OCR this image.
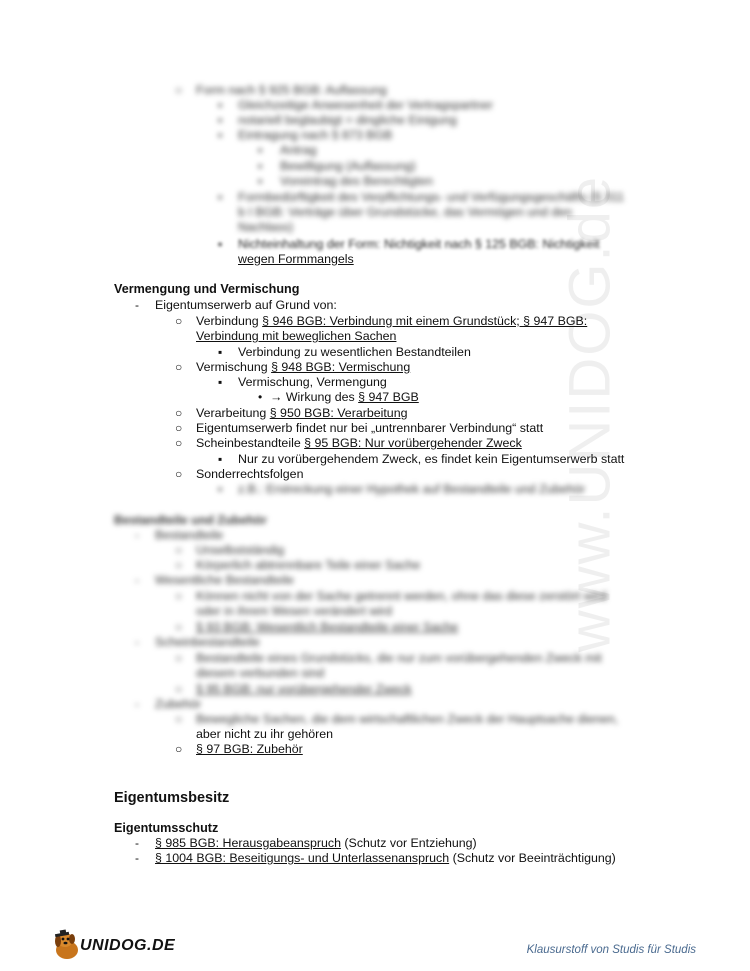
www.UNIDOG.de
○ Form nach § 925 BGB: Auflassung
▪ Gleichzeitige Anwesenheit der Vertragspartner
▪ notariell beglaubigt = dingliche Einigung
▪ Eintragung nach § 873 BGB
▪ Antrag
▪ Bewilligung (Auflassung)
▪ Voreintrag des Berechtigten
▪ Formbedürftigkeit des Verpflichtungs- und Verfügungsgeschäfts (§ 311
b I BGB: Verträge über Grundstücke, das Vermögen und den
Nachlass)
▪ Nichteinhaltung der Form: Nichtigkeit nach § 125 BGB: Nichtigkeit
wegen Formmangels
Vermengung und Vermischung
- Eigentumserwerb auf Grund von:
○ Verbindung § 946 BGB: Verbindung mit einem Grundstück; § 947 BGB:
Verbindung mit beweglichen Sachen
▪ Verbindung zu wesentlichen Bestandteilen
○ Vermischung § 948 BGB: Vermischung
▪ Vermischung, Vermengung
• → Wirkung des § 947 BGB
○ Verarbeitung § 950 BGB: Verarbeitung
○ Eigentumserwerb findet nur bei „untrennbarer Verbindung“ statt
○ Scheinbestandteile § 95 BGB: Nur vorübergehender Zweck
▪ Nur zu vorübergehendem Zweck, es findet kein Eigentumserwerb statt
○ Sonderrechtsfolgen
▪ z.B.: Erstreckung einer Hypothek auf Bestandteile und Zubehör
Bestandteile und Zubehör
- Bestandteile
○ Unselbstständig
○ Körperlich abtrennbare Teile einer Sache
- Wesentliche Bestandteile
○ Können nicht von der Sache getrennt werden, ohne das diese zerstört wird
oder in ihrem Wesen verändert wird
○ § 93 BGB: Wesentlich Bestandteile einer Sache
- Scheinbestandteile
○ Bestandteile eines Grundstücks, die nur zum vorübergehenden Zweck mit
diesem verbunden sind
○ § 95 BGB: nur vorübergehender Zweck
- Zubehör
○ Bewegliche Sachen, die dem wirtschaftlichen Zweck der Hauptsache dienen,
aber nicht zu ihr gehören
○ § 97 BGB: Zubehör
Eigentumsbesitz
Eigentumsschutz
- § 985 BGB: Herausgabeanspruch (Schutz vor Entziehung)
- § 1004 BGB: Beseitigungs- und Unterlassenanspruch (Schutz vor Beeinträchtigung)
UNIDOG.DE	Klausurstoff von Studis für Studis
